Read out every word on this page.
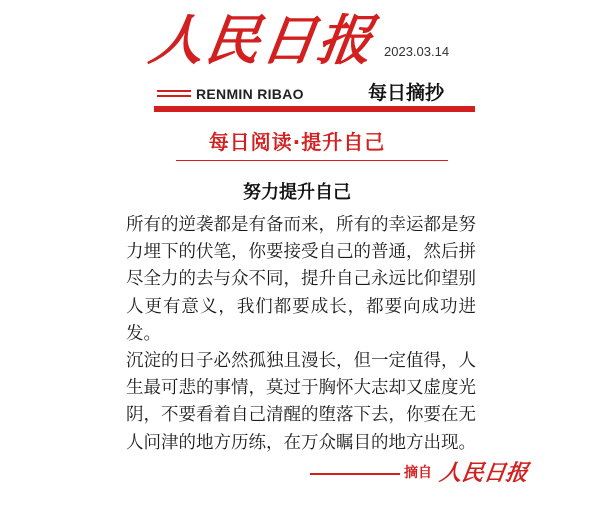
人民日报 2023.03.14
RENMIN RIBAO	每日摘抄
每日阅读·提升自己
努力提升自己

所有的逆袭都是有备而来，所有的幸运都是努力埋下的伏笔，你要接受自己的普通，然后拼尽全力的去与众不同，提升自己永远比仰望别人更有意义，我们都要成长，都要向成功进发。

沉淀的日子必然孤独且漫长，但一定值得，人生最可悲的事情，莫过于胸怀大志却又虚度光阴，不要看着自己清醒的堕落下去，你要在无人问津的地方历练，在万众瞩目的地方出现。

摘自 人民日报
